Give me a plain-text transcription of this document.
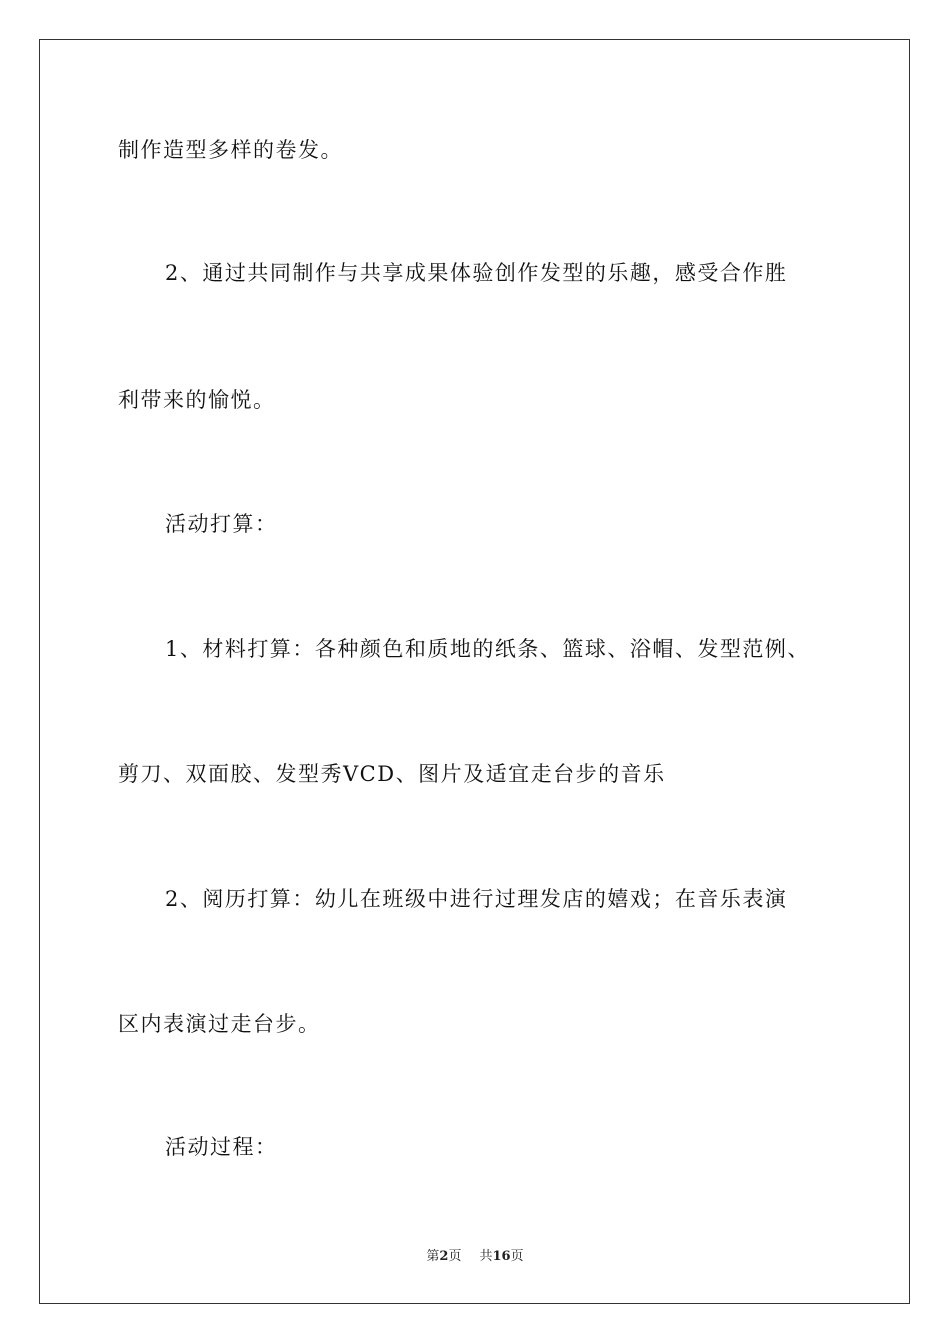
制作造型多样的卷发。
2、通过共同制作与共享成果体验创作发型的乐趣，感受合作胜
利带来的愉悦。
活动打算：
1、材料打算：各种颜色和质地的纸条、篮球、浴帽、发型范例、
剪刀、双面胶、发型秀VCD、图片及适宜走台步的音乐
2、阅历打算：幼儿在班级中进行过理发店的嬉戏；在音乐表演
区内表演过走台步。
活动过程：
第2页 共16页
